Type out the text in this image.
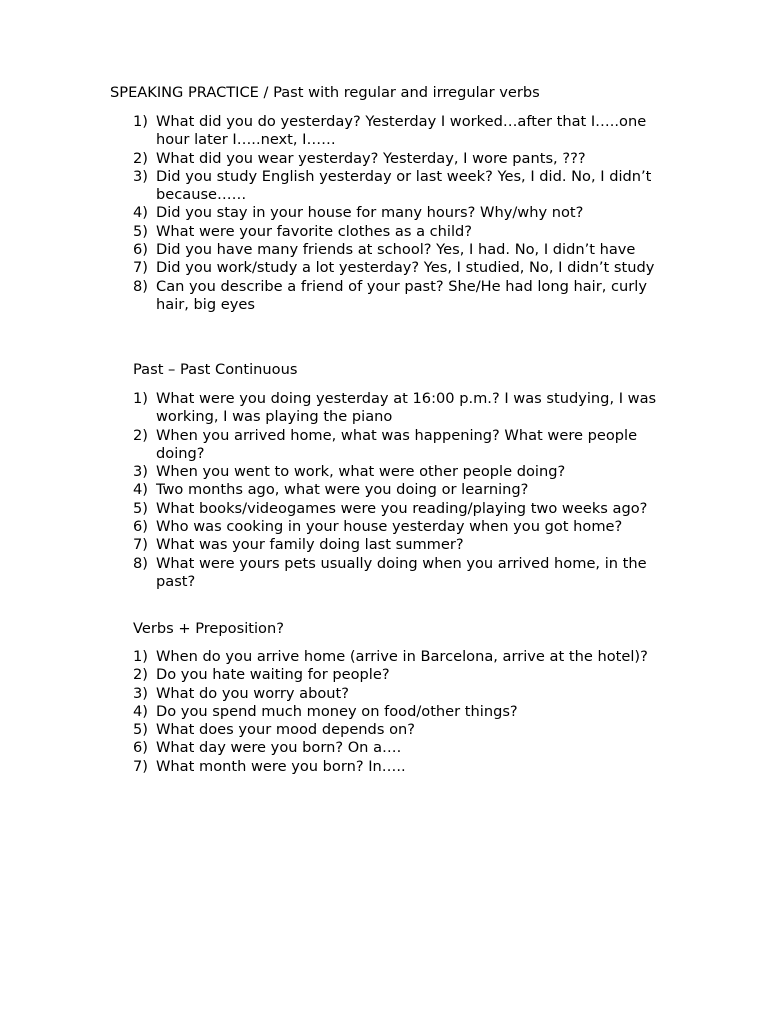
SPEAKING PRACTICE / Past with regular and irregular verbs
1) What did you do yesterday? Yesterday I worked…after that I…..one hour later I…..next, I……
2) What did you wear yesterday? Yesterday, I wore pants, ???
3) Did you study English yesterday or last week? Yes, I did. No, I didn’t because……
4) Did you stay in your house for many hours? Why/why not?
5) What were your favorite clothes as a child?
6) Did you have many friends at school? Yes, I had. No, I didn’t have
7) Did you work/study a lot yesterday? Yes, I studied, No, I didn’t study
8) Can you describe a friend of your past? She/He had long hair, curly hair, big eyes
Past – Past Continuous
1) What were you doing yesterday at 16:00 p.m.? I was studying, I was working, I was playing the piano
2) When you arrived home, what was happening? What were people doing?
3) When you went to work, what were other people doing?
4) Two months ago, what were you doing or learning?
5) What books/videogames were you reading/playing two weeks ago?
6) Who was cooking in your house yesterday when you got home?
7) What was your family doing last summer?
8) What were yours pets usually doing when you arrived home, in the past?
Verbs + Preposition?
1) When do you arrive home (arrive in Barcelona, arrive at the hotel)?
2) Do you hate waiting for people?
3) What do you worry about?
4) Do you spend much money on food/other things?
5) What does your mood depends on?
6) What day were you born? On a….
7) What month were you born? In…..
